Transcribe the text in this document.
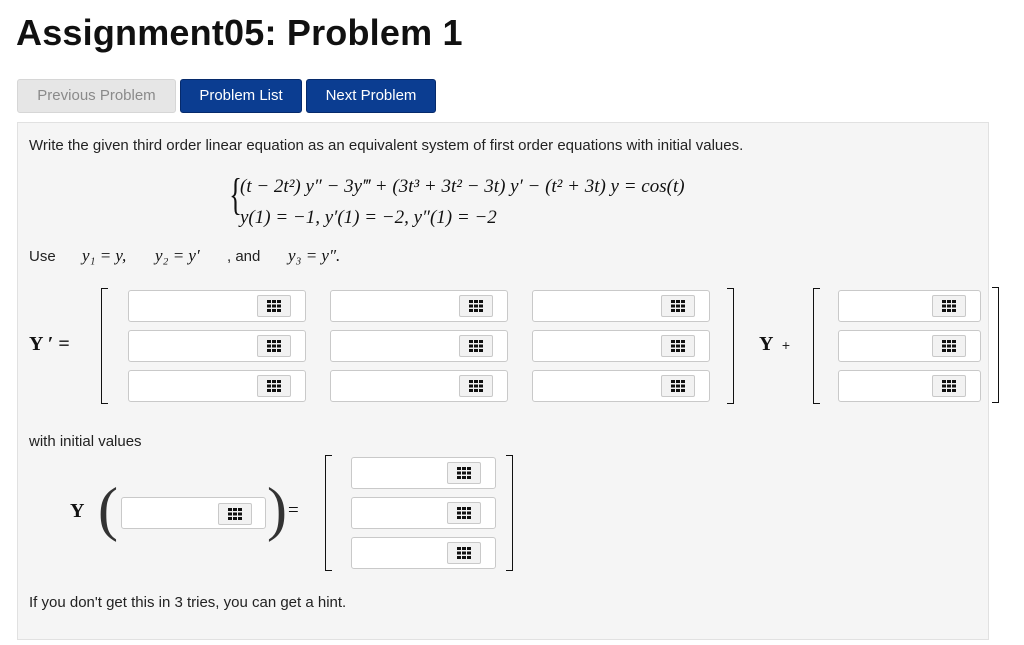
Assignment05: Problem 1
Previous Problem	Problem List	Next Problem
Write the given third order linear equation as an equivalent system of first order equations with initial values.
{
(t − 2t²) y″ − 3y‴ + (3t³ + 3t² − 3t) y′ − (t² + 3t) y = cos(t)
y(1) = −1, y′(1) = −2, y″(1) = −2
Use y₁ = y, y₂ = y′ , and y₃ = y″.
Y ′ =	Y +
with initial values
Y ( ) =
If you don't get this in 3 tries, you can get a hint.
